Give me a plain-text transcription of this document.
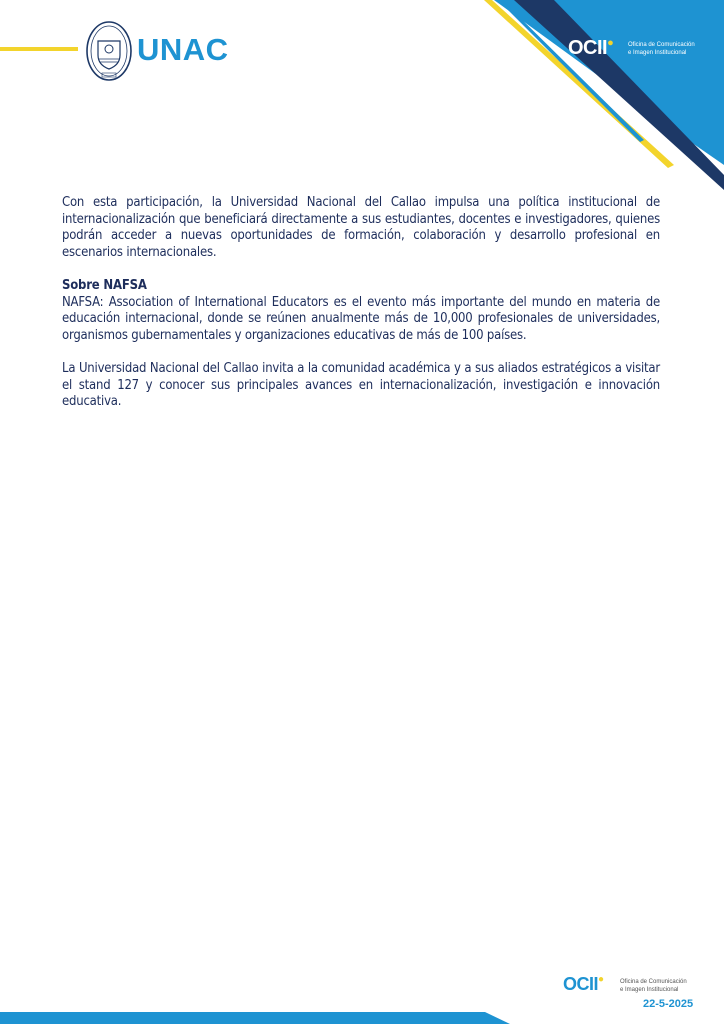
UNAC	OCII● Oficina de Comunicación
e Imagen Institucional

Con esta participación, la Universidad Nacional del Callao impulsa una política institucional de internacionalización que beneficiará directamente a sus estudiantes, docentes e investigadores, quienes podrán acceder a nuevas oportunidades de formación, colaboración y desarrollo profesional en escenarios internacionales.

Sobre NAFSA

NAFSA: Association of International Educators es el evento más importante del mundo en materia de educación internacional, donde se reúnen anualmente más de 10,000 profesionales de universidades, organismos gubernamentales y organizaciones educativas de más de 100 países.

La Universidad Nacional del Callao invita a la comunidad académica y a sus aliados estratégicos a visitar el stand 127 y conocer sus principales avances en internacionalización, investigación e innovación educativa.

OCII●	Oficina de Comunicación
e Imagen Institucional
22-5-2025
